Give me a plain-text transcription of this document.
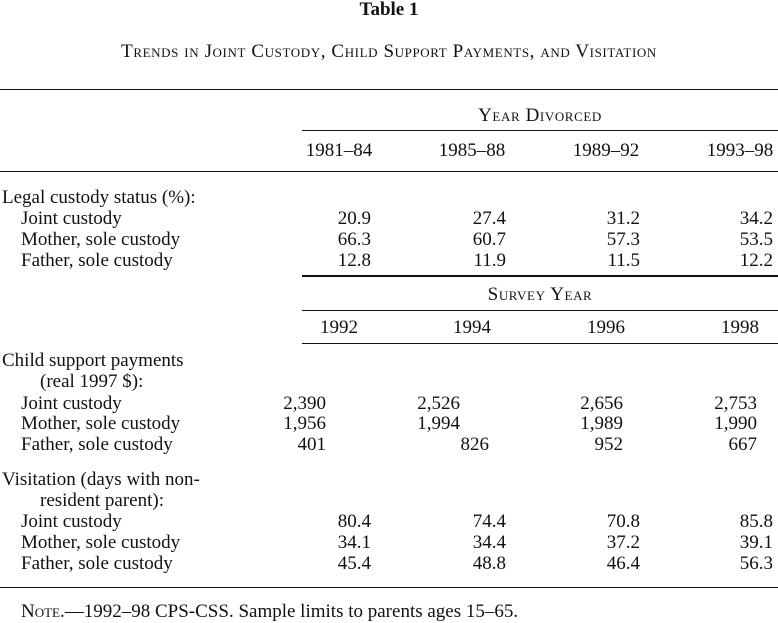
Table 1
Trends in Joint Custody, Child Support Payments, and Visitation
Year Divorced
1981–84	1985–88	1989–92	1993–98
Legal custody status (%):
Joint custody	20.9	27.4	31.2	34.2
Mother, sole custody	66.3	60.7	57.3	53.5
Father, sole custody	12.8	11.9	11.5	12.2
Survey Year
1992	1994	1996	1998
Child support payments
(real 1997 $):
Joint custody	2,390	2,526	2,656	2,753
Mother, sole custody	1,956	1,994	1,989	1,990
Father, sole custody	401	826	952	667
Visitation (days with non-
resident parent):
Joint custody	80.4	74.4	70.8	85.8
Mother, sole custody	34.1	34.4	37.2	39.1
Father, sole custody	45.4	48.8	46.4	56.3
Note.—1992–98 CPS-CSS. Sample limits to parents ages 15–65.
